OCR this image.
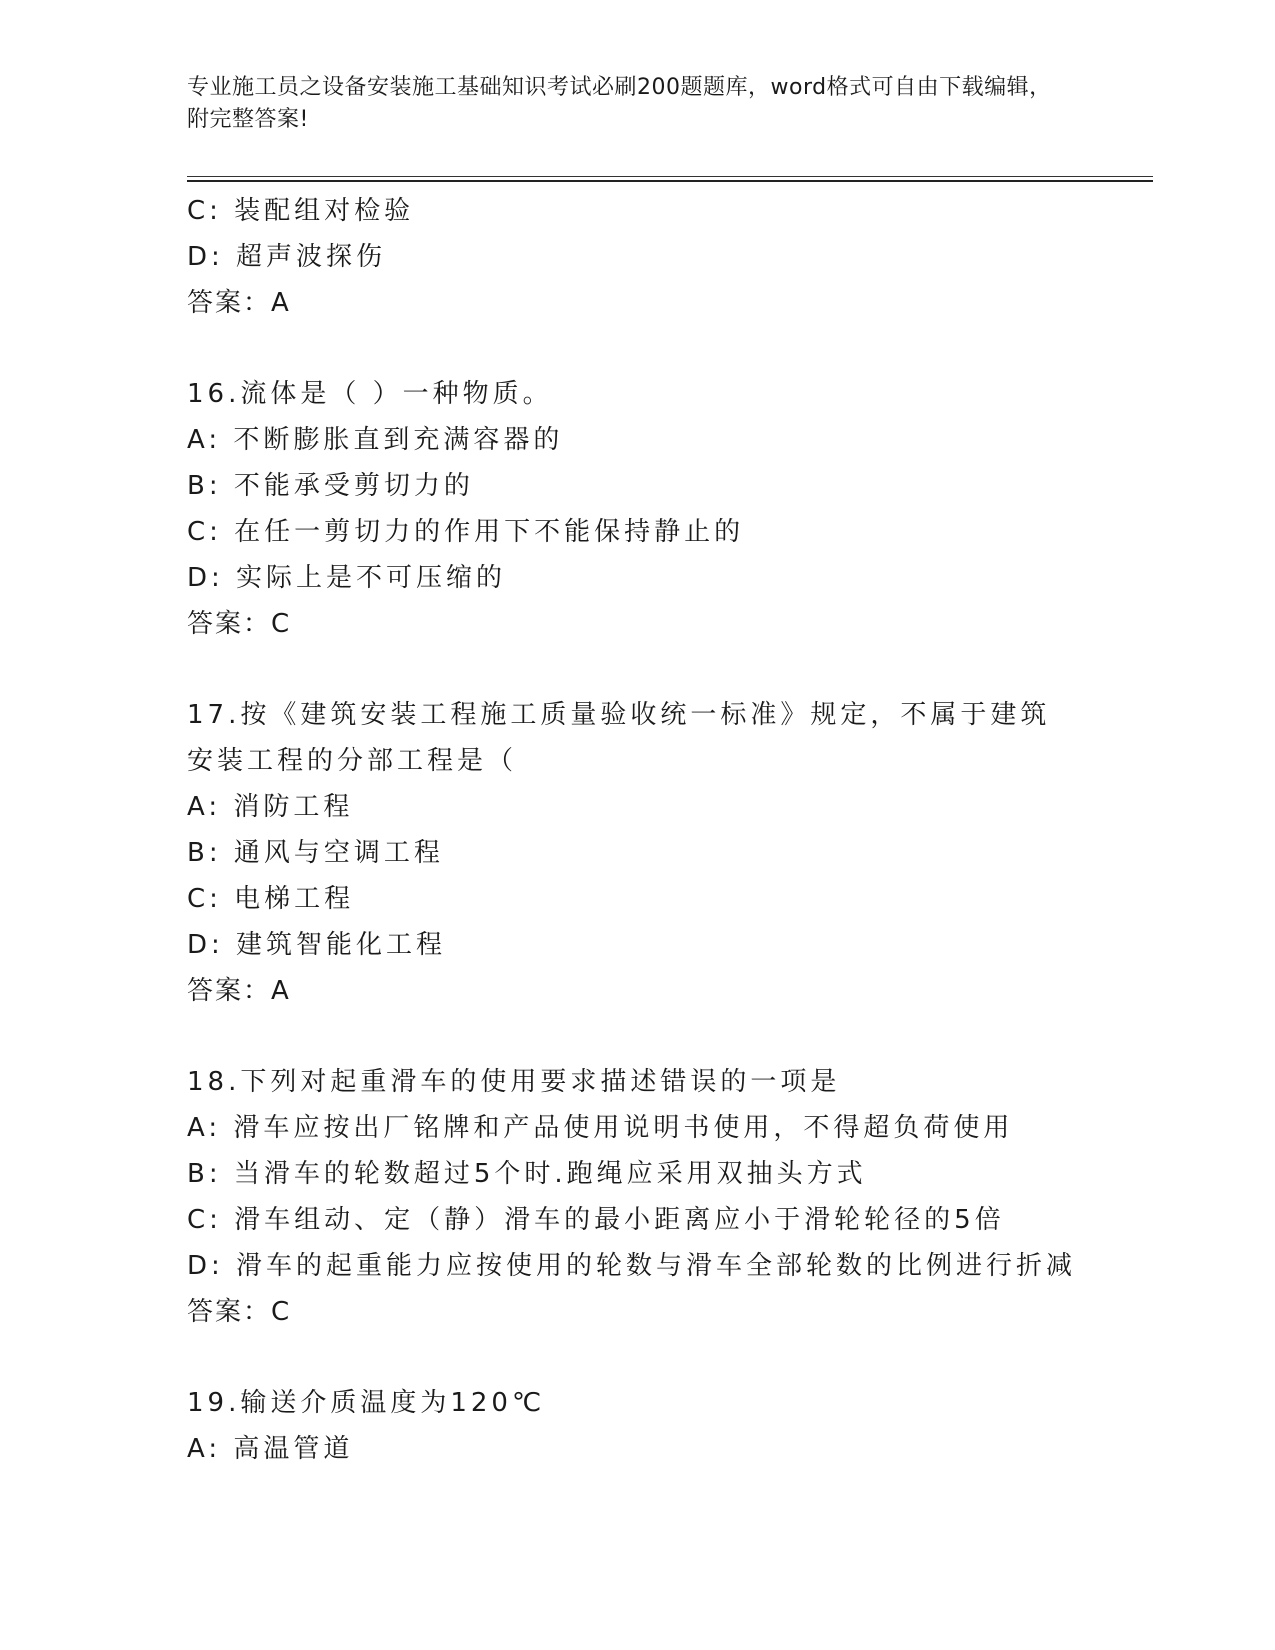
专业施工员之设备安装施工基础知识考试必刷200题题库，word格式可自由下载编辑，附完整答案!
C: 装配组对检验
D: 超声波探伤
答案：A
16.流体是（ ）一种物质。
A: 不断膨胀直到充满容器的
B: 不能承受剪切力的
C: 在任一剪切力的作用下不能保持静止的
D: 实际上是不可压缩的
答案：C
17.按《建筑安装工程施工质量验收统一标准》规定，不属于建筑安装工程的分部工程是（
A: 消防工程
B: 通风与空调工程
C: 电梯工程
D: 建筑智能化工程
答案：A
18.下列对起重滑车的使用要求描述错误的一项是
A: 滑车应按出厂铭牌和产品使用说明书使用，不得超负荷使用
B: 当滑车的轮数超过5个时.跑绳应采用双抽头方式
C: 滑车组动、定（静）滑车的最小距离应小于滑轮轮径的5倍
D: 滑车的起重能力应按使用的轮数与滑车全部轮数的比例进行折减
答案：C
19.输送介质温度为120℃
A: 高温管道
